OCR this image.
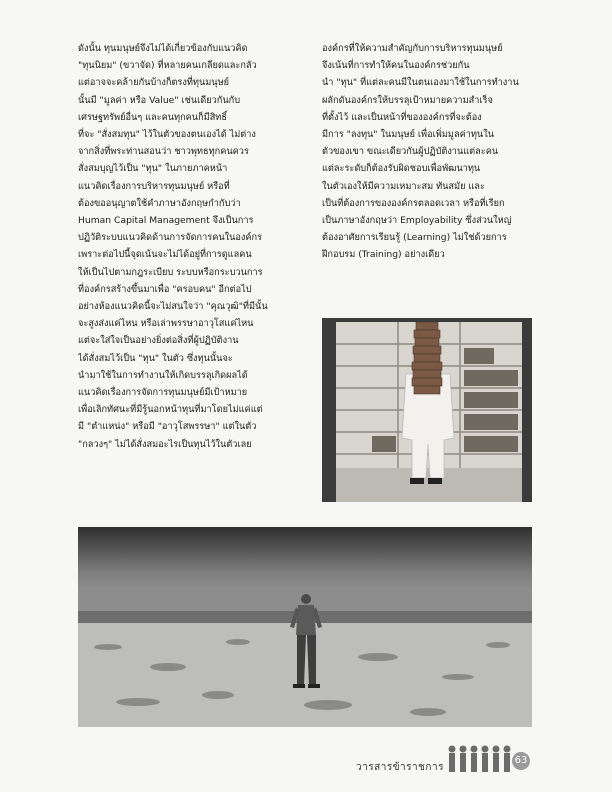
ดังนั้น ทุนมนุษย์จึงไม่ได้เกี่ยวข้องกับแนวคิด

"ทุนนิยม" (ขวาจัด) ที่หลายคนเกลียดและกลัว

แต่อาจจะคล้ายกันบ้างก็ตรงที่ทุนมนุษย์

นั้นมี "มูลค่า หรือ Value" เช่นเดียวกันกับ

เศรษฐทรัพย์อื่นๆ และคนทุกคนก็มีสิทธิ์

ที่จะ "สั่งสมทุน" ไว้ในตัวของตนเองได้ ไม่ต่าง

จากสิ่งที่พระท่านสอนว่า ชาวพุทธทุกคนควร

สั่งสมบุญไว้เป็น "ทุน" ในภายภาคหน้า

แนวคิดเรื่องการบริหารทุนมนุษย์ หรือที่

ต้องขออนุญาตใช้คำภาษาอังกฤษกำกับว่า

Human Capital Management จึงเป็นการ

ปฏิวัติระบบแนวคิดด้านการจัดการคนในองค์กร

เพราะต่อไปนี้จุดเน้นจะไม่ได้อยู่ที่การดูแลคน

ให้เป็นไปตามกฎระเบียบ ระบบหรือกระบวนการ

ที่องค์กรสร้างขึ้นมาเพื่อ "ครอบคน" อีกต่อไป

อย่างห้องแนวคิดนี้จะไม่สนใจว่า "คุณวุฒิ"ที่มีนั้น

จะสูงส่งแค่ไหน หรือเล่าพรรษาอาวุโสแค่ไหน

แต่จะใส่ใจเป็นอย่างยิ่งต่อสิ่งที่ผู้ปฏิบัติงาน

ได้สั่งสมไว้เป็น "ทุน" ในตัว ซึ่งทุนนั้นจะ

นำมาใช้ในการทำงานให้เกิดบรรลุเกิดผลได้

แนวคิดเรื่องการจัดการทุนมนุษย์มีเป้าหมาย

เพื่อเลิกทัศนะที่มีรู้นอกหน้าทุนที่มาโดยไม่แค่แต่

มี "ตำแหน่ง" หรือมี "อาวุโสพรรษา" แต่ในตัว

"กลวงๆ" ไม่ได้สั่งสมอะไรเป็นทุนไว้ในตัวเลย

องค์กรที่ให้ความสำคัญกับการบริหารทุนมนุษย์

จึงเน้นที่การทำให้คนในองค์กรช่วยกัน

นำ "ทุน" ที่แต่ละคนมีในตนเองมาใช้ในการทำงาน

ผลักดันองค์กรให้บรรลุเป้าหมายความสำเร็จ

ที่ตั้งไว้ และเป็นหน้าที่ขององค์กรที่จะต้อง

มีการ "ลงทุน" ในมนุษย์ เพื่อเพิ่มมูลค่าทุนใน

ตัวของเขา ขณะเดียวกันผู้ปฏิบัติงานแต่ละคน

แต่ละระดับก็ต้องรับผิดชอบเพื่อพัฒนาทุน

ในตัวเองให้มีความเหมาะสม ทันสมัย และ

เป็นที่ต้องการขององค์กรตลอดเวลา หรือที่เรียก

เป็นภาษาอังกฤษว่า Employability ซึ่งส่วนใหญ่

ต้องอาศัยการเรียนรู้ (Learning) ไม่ใช่ด้วยการ

ฝึกอบรม (Training) อย่างเดียว

วารสารข้าราชการ
63
